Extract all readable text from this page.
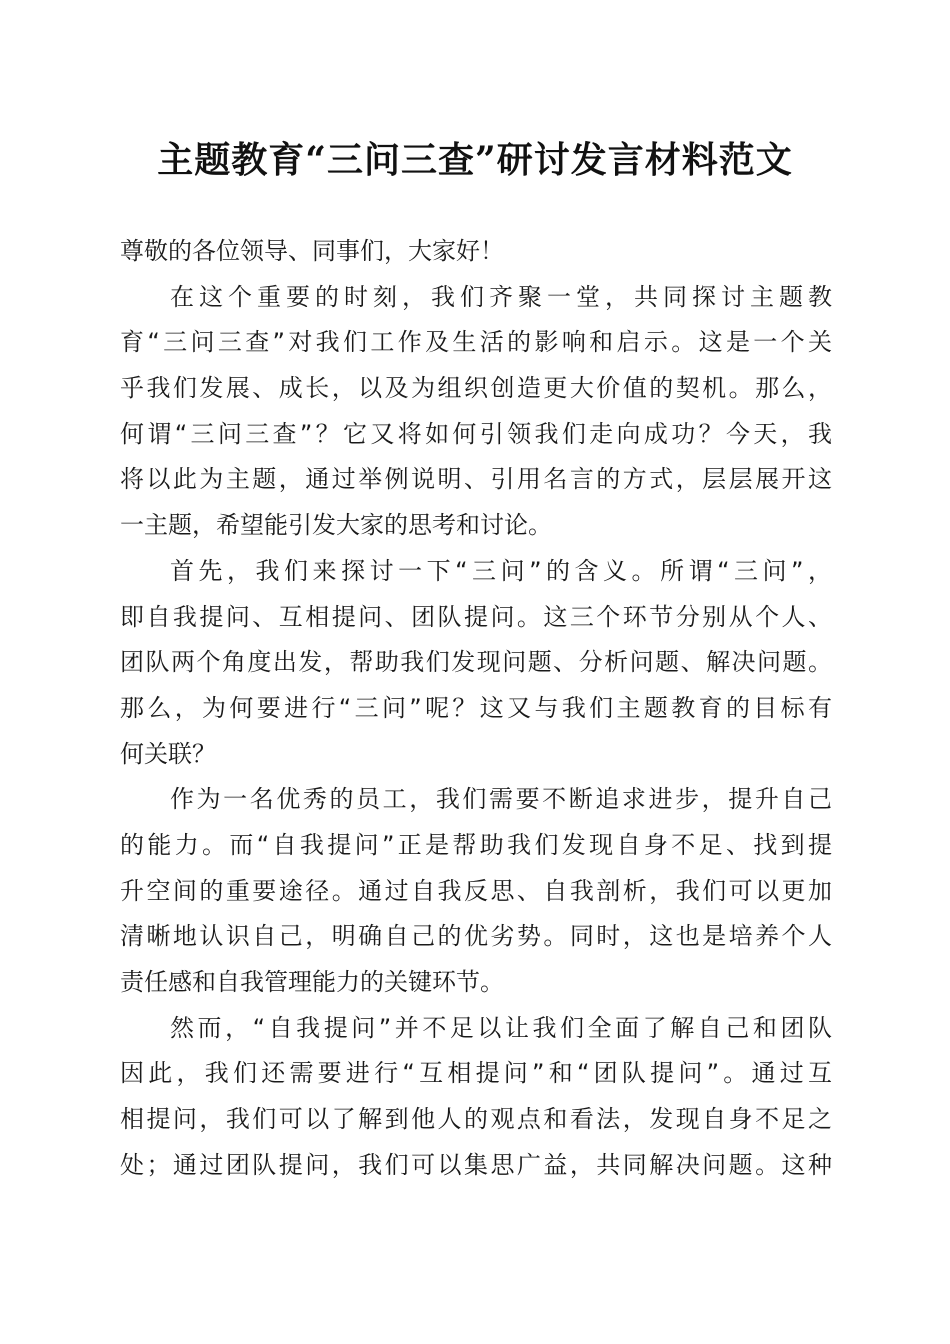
主题教育“三问三查”研讨发言材料范文
尊敬的各位领导、同事们，大家好！
在这个重要的时刻，我们齐聚一堂，共同探讨主题教
育“三问三查”对我们工作及生活的影响和启示。这是一个关
乎我们发展、成长，以及为组织创造更大价值的契机。那么，
何谓“三问三查”？它又将如何引领我们走向成功？今天，我
将以此为主题，通过举例说明、引用名言的方式，层层展开这
一主题，希望能引发大家的思考和讨论。
首先，我们来探讨一下“三问”的含义。所谓“三问”，
即自我提问、互相提问、团队提问。这三个环节分别从个人、
团队两个角度出发，帮助我们发现问题、分析问题、解决问题。
那么，为何要进行“三问”呢？这又与我们主题教育的目标有
何关联？
作为一名优秀的员工，我们需要不断追求进步，提升自己
的能力。而“自我提问”正是帮助我们发现自身不足、找到提
升空间的重要途径。通过自我反思、自我剖析，我们可以更加
清晰地认识自己，明确自己的优劣势。同时，这也是培养个人
责任感和自我管理能力的关键环节。
然而，“自我提问”并不足以让我们全面了解自己和团队
因此，我们还需要进行“互相提问”和“团队提问”。通过互
相提问，我们可以了解到他人的观点和看法，发现自身不足之
处；通过团队提问，我们可以集思广益，共同解决问题。这种
